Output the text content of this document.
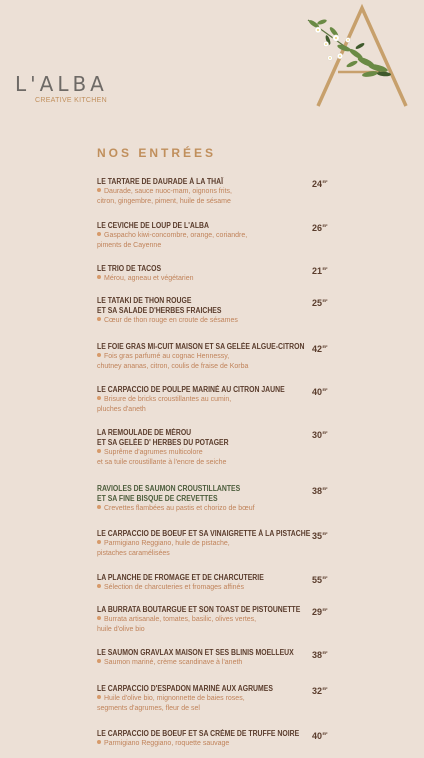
L'ALBA
CREATIVE KITCHEN
NOS ENTRÉES
LE TARTARE DE DAURADE À LA THAÏ
Daurade, sauce nuoc-mam, oignons frits,
citron, gingembre, piment, huile de sésame
$24^{EF}$
LE CEVICHE DE LOUP DE L'ALBA
Gaspacho kiwi-concombre, orange, coriandre,
piments de Cayenne
$26^{EF}$
LE TRIO DE TACOS
Mérou, agneau et végétarien
$21^{EF}$
LE TATAKI DE THON ROUGE
ET SA SALADE D'HERBES FRAICHES
Cœur de thon rouge en croute de sésames
$25^{EF}$
LE FOIE GRAS MI-CUIT MAISON ET SA GELÉE ALGUE-CITRON
Fois gras parfumé au cognac Hennessy,
chutney ananas, citron, coulis de fraise de Korba
$42^{EF}$
LE CARPACCIO DE POULPE MARINÉ AU CITRON JAUNE
Brisure de bricks croustillantes au cumin,
pluches d'aneth
$40^{EF}$
LA REMOULADE DE MÉROU
ET SA GELÉE D' HERBES DU POTAGER
Suprême d'agrumes multicolore
et sa tuile croustillante à l'encre de seiche
$30^{EF}$
RAVIOLES DE SAUMON CROUSTILLANTES
ET SA FINE BISQUE DE CREVETTES
Crevettes flambées au pastis et chorizo de bœuf
$38^{EF}$
LE CARPACCIO DE BOEUF ET SA VINAIGRETTE À LA PISTACHE
Parmigiano Reggiano, huile de pistache,
pistaches caramélisées
$35^{EF}$
LA PLANCHE DE FROMAGE ET DE CHARCUTERIE
Sélection de charcuteries et fromages affinés
$55^{EF}$
LA BURRATA BOUTARGUE ET SON TOAST DE PISTOUNETTE
Burrata artisanale, tomates, basilic, olives vertes,
huile d'olive bio
$29^{EF}$
LE SAUMON GRAVLAX MAISON ET SES BLINIS MOELLEUX
Saumon mariné, crème scandinave à l'aneth
$38^{EF}$
LE CARPACCIO D'ESPADON MARINÉ AUX AGRUMES
Huile d'olive bio, mignonnette de baies roses,
segments d'agrumes, fleur de sel
$32^{EF}$
LE CARPACCIO DE BOEUF ET SA CRÈME DE TRUFFE NOIRE
Parmigiano Reggiano, roquette sauvage
$40^{EF}$
